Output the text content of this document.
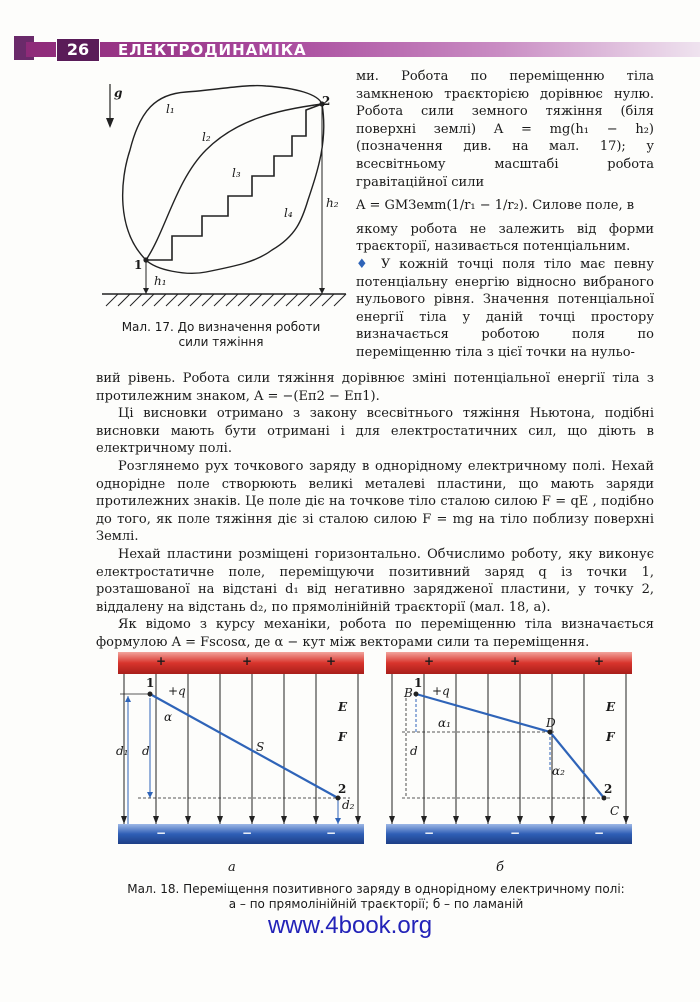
26	ЕЛЕКТРОДИНАМІКА
g
l₁
l₂
l₃
l₄
h₁
h₂
1
2
Мал. 17. До визначення роботи сили тяжіння

ми. Робота по переміщенню тіла замкненою траєкторією дорівнює нулю. Робота сили земного тяжіння (біля поверхні землі) A = mg(h₁ − h₂) (позначення див. на мал. 17); у всесвітньому масштабі робота гравітаційної сили

A = GMЗемm(1/r₁ − 1/r₂). Силове поле, в

якому робота не залежить від форми траєкторії, називається потенціальним.

♦ У кожній точці поля тіло має певну потенціальну енергію відносно вибраного нульового рівня. Значення потенціальної енергії тіла у даній точці простору визначається роботою поля по переміщенню тіла з цієї точки на нульо-

вий рівень. Робота сили тяжіння дорівнює зміні потенціальної енергії тіла з протилежним знаком, A = −(Eп2 − Eп1).

Ці висновки отримано з закону всесвітнього тяжіння Ньютона, подібні висновки мають бути отримані і для електростатичних сил, що діють в електричному полі.

Розглянемо рух точкового заряду в однорідному електричному полі. Нехай однорідне поле створюють великі металеві пластини, що мають заряди протилежних знаків. Це поле діє на точкове тіло сталою силою F = qE , подібно до того, як поле тяжіння діє зі сталою силою F = mg на тіло поблизу поверхні Землі.

Нехай пластини розміщені горизонтально. Обчислимо роботу, яку виконує електростатичне поле, переміщуючи позитивний заряд q із точки 1, розташованої на відстані d₁ від негативно зарядженої пластини, у точку 2, віддалену на відстань d₂, по прямолінійній траєкторії (мал. 18, а).

Як відомо з курсу механіки, робота по переміщенню тіла визначається формулою A = Fscosα, де α − кут між векторами сили та переміщення.

+	+	+	+	+	+
−	−	−	−	−	−
1
+q
α
d₁ d	S
E
F
2
d₂
а
1
B +q
α₁	D
d
α₂
E
F
2
C
б
Мал. 18. Переміщення позитивного заряду в однорідному електричному полі: а – по прямолінійній траєкторії; б – по ламаній
www.4book.org
